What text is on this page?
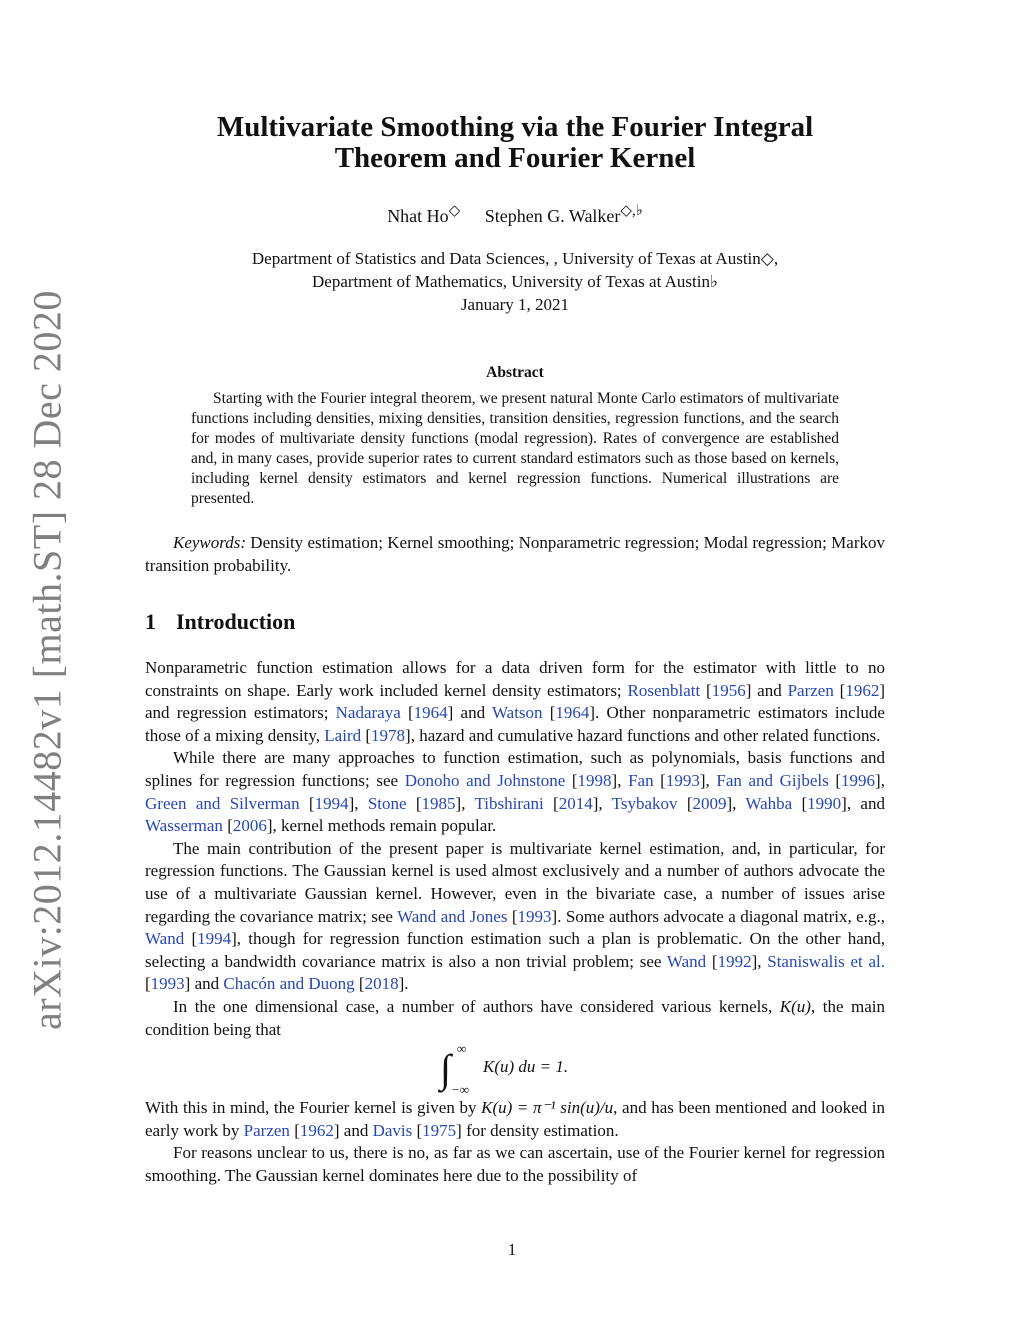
arXiv:2012.14482v1 [math.ST] 28 Dec 2020
Multivariate Smoothing via the Fourier Integral
Theorem and Fourier Kernel
Nhat Ho◇ Stephen G. Walker◇,♭
Department of Statistics and Data Sciences, , University of Texas at Austin◇,
Department of Mathematics, University of Texas at Austin♭
January 1, 2021
Abstract

Starting with the Fourier integral theorem, we present natural Monte Carlo estimators of multivariate functions including densities, mixing densities, transition densities, regression functions, and the search for modes of multivariate density functions (modal regression). Rates of convergence are established and, in many cases, provide superior rates to current standard estimators such as those based on kernels, including kernel density estimators and kernel regression functions. Numerical illustrations are presented.

Keywords: Density estimation; Kernel smoothing; Nonparametric regression; Modal regression; Markov transition probability.

1 Introduction

Nonparametric function estimation allows for a data driven form for the estimator with little to no constraints on shape. Early work included kernel density estimators; Rosenblatt [1956] and Parzen [1962] and regression estimators; Nadaraya [1964] and Watson [1964]. Other nonparametric estimators include those of a mixing density, Laird [1978], hazard and cumulative hazard functions and other related functions.

While there are many approaches to function estimation, such as polynomials, basis functions and splines for regression functions; see Donoho and Johnstone [1998], Fan [1993], Fan and Gijbels [1996], Green and Silverman [1994], Stone [1985], Tibshirani [2014], Tsybakov [2009], Wahba [1990], and Wasserman [2006], kernel methods remain popular.

The main contribution of the present paper is multivariate kernel estimation, and, in particular, for regression functions. The Gaussian kernel is used almost exclusively and a number of authors advocate the use of a multivariate Gaussian kernel. However, even in the bivariate case, a number of issues arise regarding the covariance matrix; see Wand and Jones [1993]. Some authors advocate a diagonal matrix, e.g., Wand [1994], though for regression function estimation such a plan is problematic. On the other hand, selecting a bandwidth covariance matrix is also a non trivial problem; see Wand [1992], Staniswalis et al. [1993] and Chacón and Duong [2018].

In the one dimensional case, a number of authors have considered various kernels, K(u), the main condition being that

∫ ∞
−∞
K(u) du = 1.

With this in mind, the Fourier kernel is given by K(u) = π⁻¹ sin(u)/u, and has been mentioned and looked in early work by Parzen [1962] and Davis [1975] for density estimation.

For reasons unclear to us, there is no, as far as we can ascertain, use of the Fourier kernel for regression smoothing. The Gaussian kernel dominates here due to the possibility of

1
